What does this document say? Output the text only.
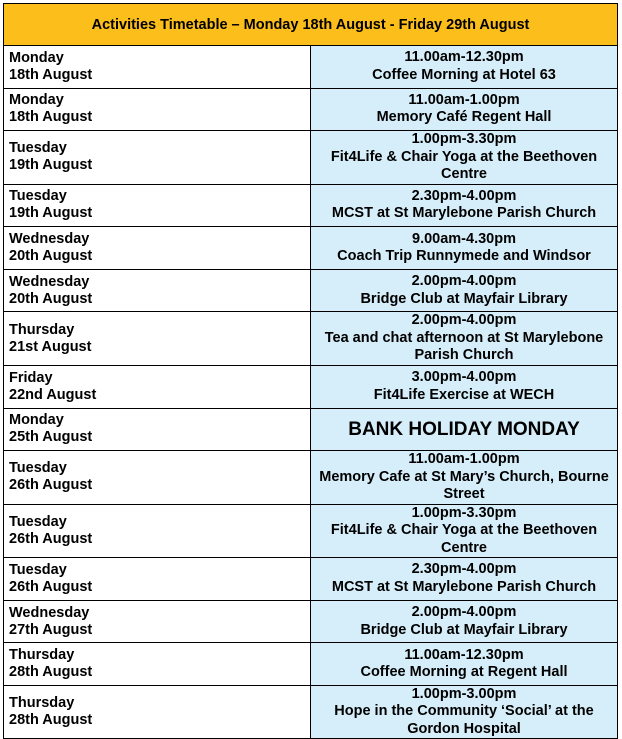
Activities Timetable – Monday 18th August - Friday 29th August	

Monday
18th August	11.00am-12.30pm
Coffee Morning at Hotel 63

Monday
18th August	11.00am-1.00pm
Memory Café Regent Hall

Tuesday
19th August	1.00pm-3.30pm
Fit4Life & Chair Yoga at the Beethoven Centre

Tuesday
19th August	2.30pm-4.00pm
MCST at St Marylebone Parish Church

Wednesday
20th August	9.00am-4.30pm
Coach Trip Runnymede and Windsor

Wednesday
20th August	2.00pm-4.00pm
Bridge Club at Mayfair Library

Thursday
21st August	2.00pm-4.00pm
Tea and chat afternoon at St Marylebone Parish Church

Friday
22nd August	3.00pm-4.00pm
Fit4Life Exercise at WECH

Monday
25th August	BANK HOLIDAY MONDAY

Tuesday
26th August	11.00am-1.00pm
Memory Cafe at St Mary’s Church, Bourne Street

Tuesday
26th August	1.00pm-3.30pm
Fit4Life & Chair Yoga at the Beethoven Centre

Tuesday
26th August	2.30pm-4.00pm
MCST at St Marylebone Parish Church

Wednesday
27th August	2.00pm-4.00pm
Bridge Club at Mayfair Library

Thursday
28th August	11.00am-12.30pm
Coffee Morning at Regent Hall

Thursday
28th August	1.00pm-3.00pm
Hope in the Community ‘Social’ at the Gordon Hospital
